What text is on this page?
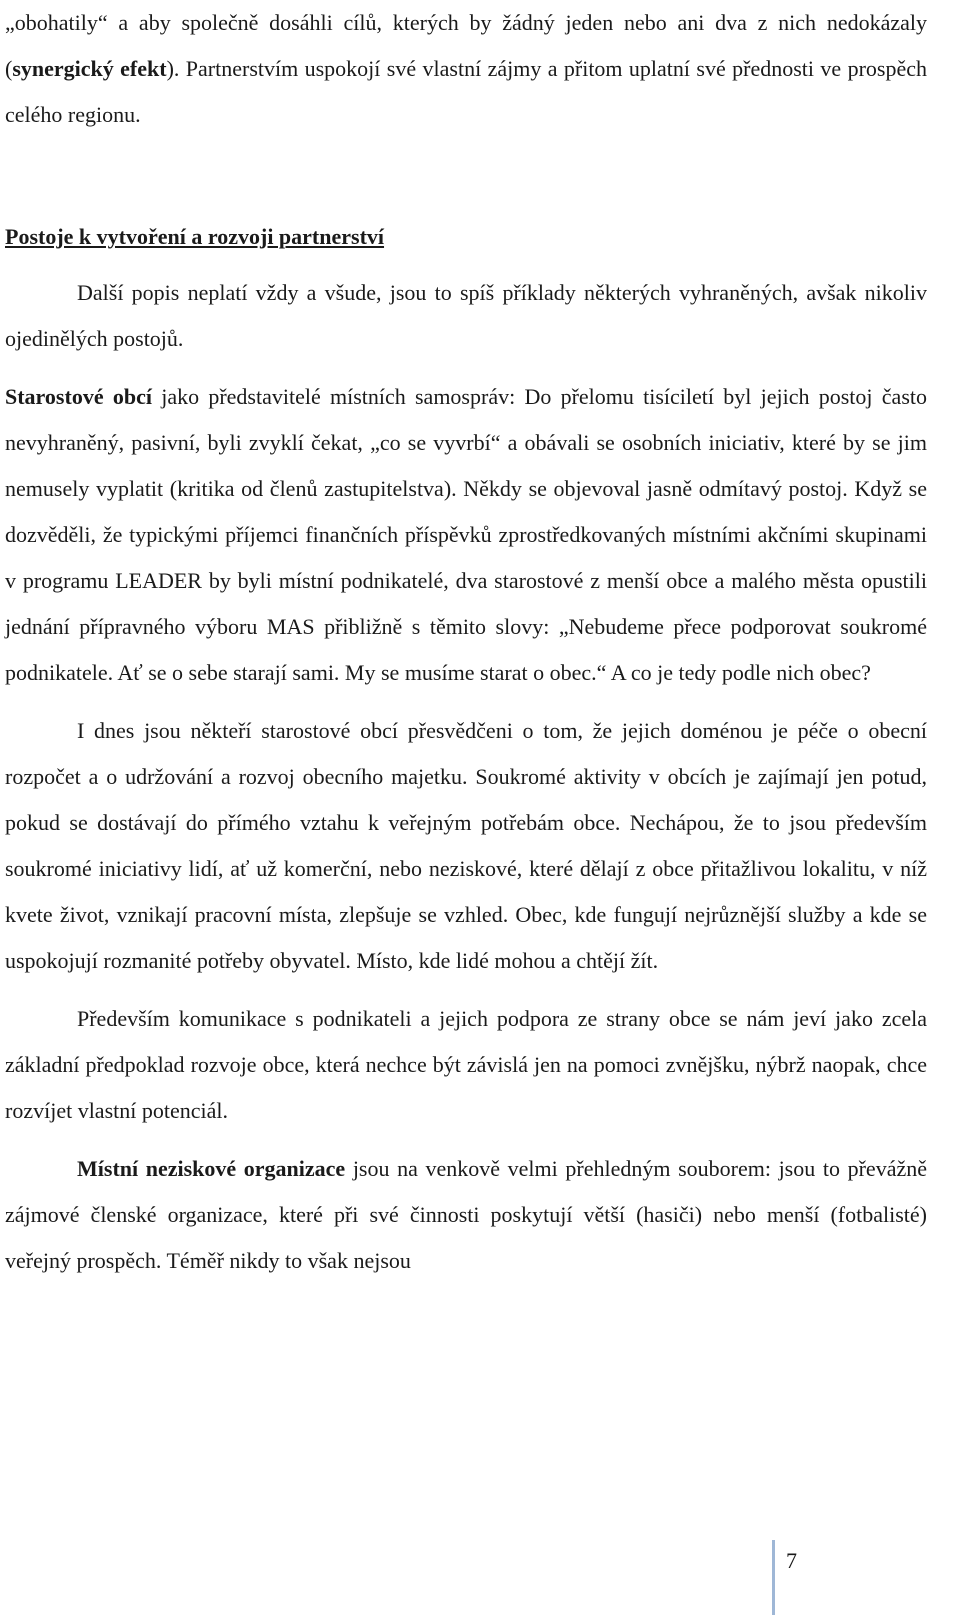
„obohatily“ a aby společně dosáhli cílů, kterých by žádný jeden nebo ani dva z nich nedokázaly (synergický efekt). Partnerstvím uspokojí své vlastní zájmy a přitom uplatní své přednosti ve prospěch celého regionu.

Postoje k vytvoření a rozvoji partnerství

Další popis neplatí vždy a všude, jsou to spíš příklady některých vyhraněných, avšak nikoliv ojedinělých postojů.

Starostové obcí jako představitelé místních samospráv: Do přelomu tisíciletí byl jejich postoj často nevyhraněný, pasivní, byli zvyklí čekat, „co se vyvrbí“ a obávali se osobních iniciativ, které by se jim nemusely vyplatit (kritika od členů zastupitelstva). Někdy se objevoval jasně odmítavý postoj. Když se dozvěděli, že typickými příjemci finančních příspěvků zprostředkovaných místními akčními skupinami v programu LEADER by byli místní podnikatelé, dva starostové z menší obce a malého města opustili jednání přípravného výboru MAS přibližně s těmito slovy: „Nebudeme přece podporovat soukromé podnikatele. Ať se o sebe starají sami. My se musíme starat o obec.“ A co je tedy podle nich obec?

I dnes jsou někteří starostové obcí přesvědčeni o tom, že jejich doménou je péče o obecní rozpočet a o udržování a rozvoj obecního majetku. Soukromé aktivity v obcích je zajímají jen potud, pokud se dostávají do přímého vztahu k veřejným potřebám obce. Nechápou, že to jsou především soukromé iniciativy lidí, ať už komerční, nebo neziskové, které dělají z obce přitažlivou lokalitu, v níž kvete život, vznikají pracovní místa, zlepšuje se vzhled. Obec, kde fungují nejrůznější služby a kde se uspokojují rozmanité potřeby obyvatel. Místo, kde lidé mohou a chtějí žít.

Především komunikace s podnikateli a jejich podpora ze strany obce se nám jeví jako zcela základní předpoklad rozvoje obce, která nechce být závislá jen na pomoci zvnějšku, nýbrž naopak, chce rozvíjet vlastní potenciál.

Místní neziskové organizace jsou na venkově velmi přehledným souborem: jsou to převážně zájmové členské organizace, které při své činnosti poskytují větší (hasiči) nebo menší (fotbalisté) veřejný prospěch. Téměř nikdy to však nejsou

7
